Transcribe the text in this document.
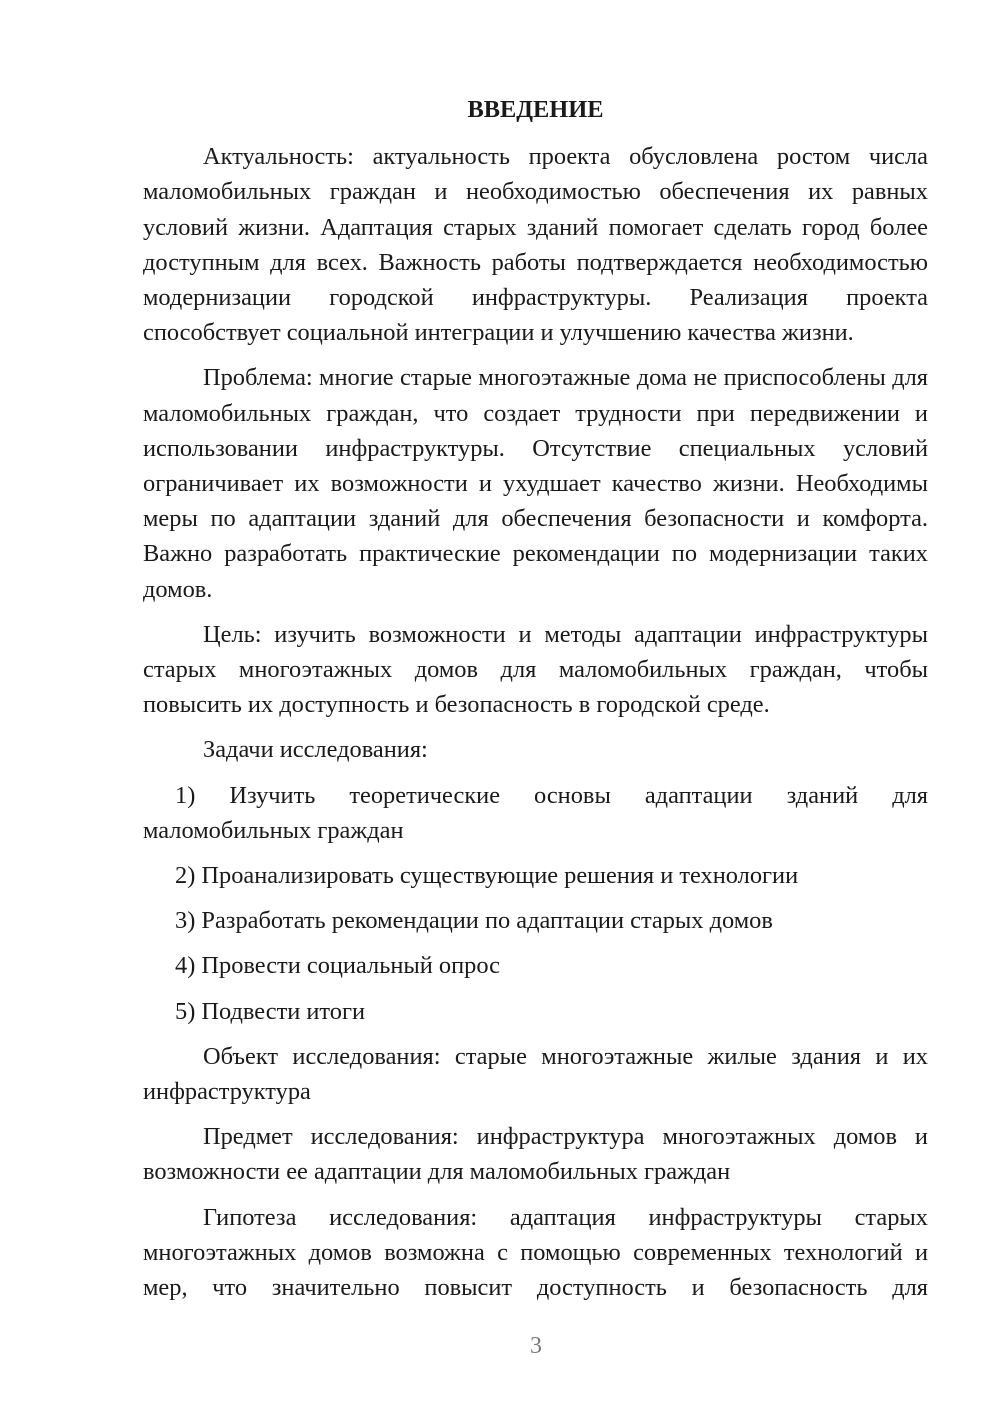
ВВЕДЕНИЕ

Актуальность: актуальность проекта обусловлена ростом числа маломобильных граждан и необходимостью обеспечения их равных условий жизни. Адаптация старых зданий помогает сделать город более доступным для всех. Важность работы подтверждается необходимостью модернизации городской инфраструктуры. Реализация проекта способствует социальной интеграции и улучшению качества жизни.

Проблема: многие старые многоэтажные дома не приспособлены для маломобильных граждан, что создает трудности при передвижении и использовании инфраструктуры. Отсутствие специальных условий ограничивает их возможности и ухудшает качество жизни. Необходимы меры по адаптации зданий для обеспечения безопасности и комфорта. Важно разработать практические рекомендации по модернизации таких домов.

Цель: изучить возможности и методы адаптации инфраструктуры старых многоэтажных домов для маломобильных граждан, чтобы повысить их доступность и безопасность в городской среде.

Задачи исследования:

1) Изучить теоретические основы адаптации зданий для маломобильных граждан
2) Проанализировать существующие решения и технологии
3) Разработать рекомендации по адаптации старых домов
4) Провести социальный опрос
5) Подвести итоги

Объект исследования: старые многоэтажные жилые здания и их инфраструктура

Предмет исследования: инфраструктура многоэтажных домов и возможности ее адаптации для маломобильных граждан

Гипотеза исследования: адаптация инфраструктуры старых многоэтажных домов возможна с помощью современных технологий и мер, что значительно повысит доступность и безопасность для

3
